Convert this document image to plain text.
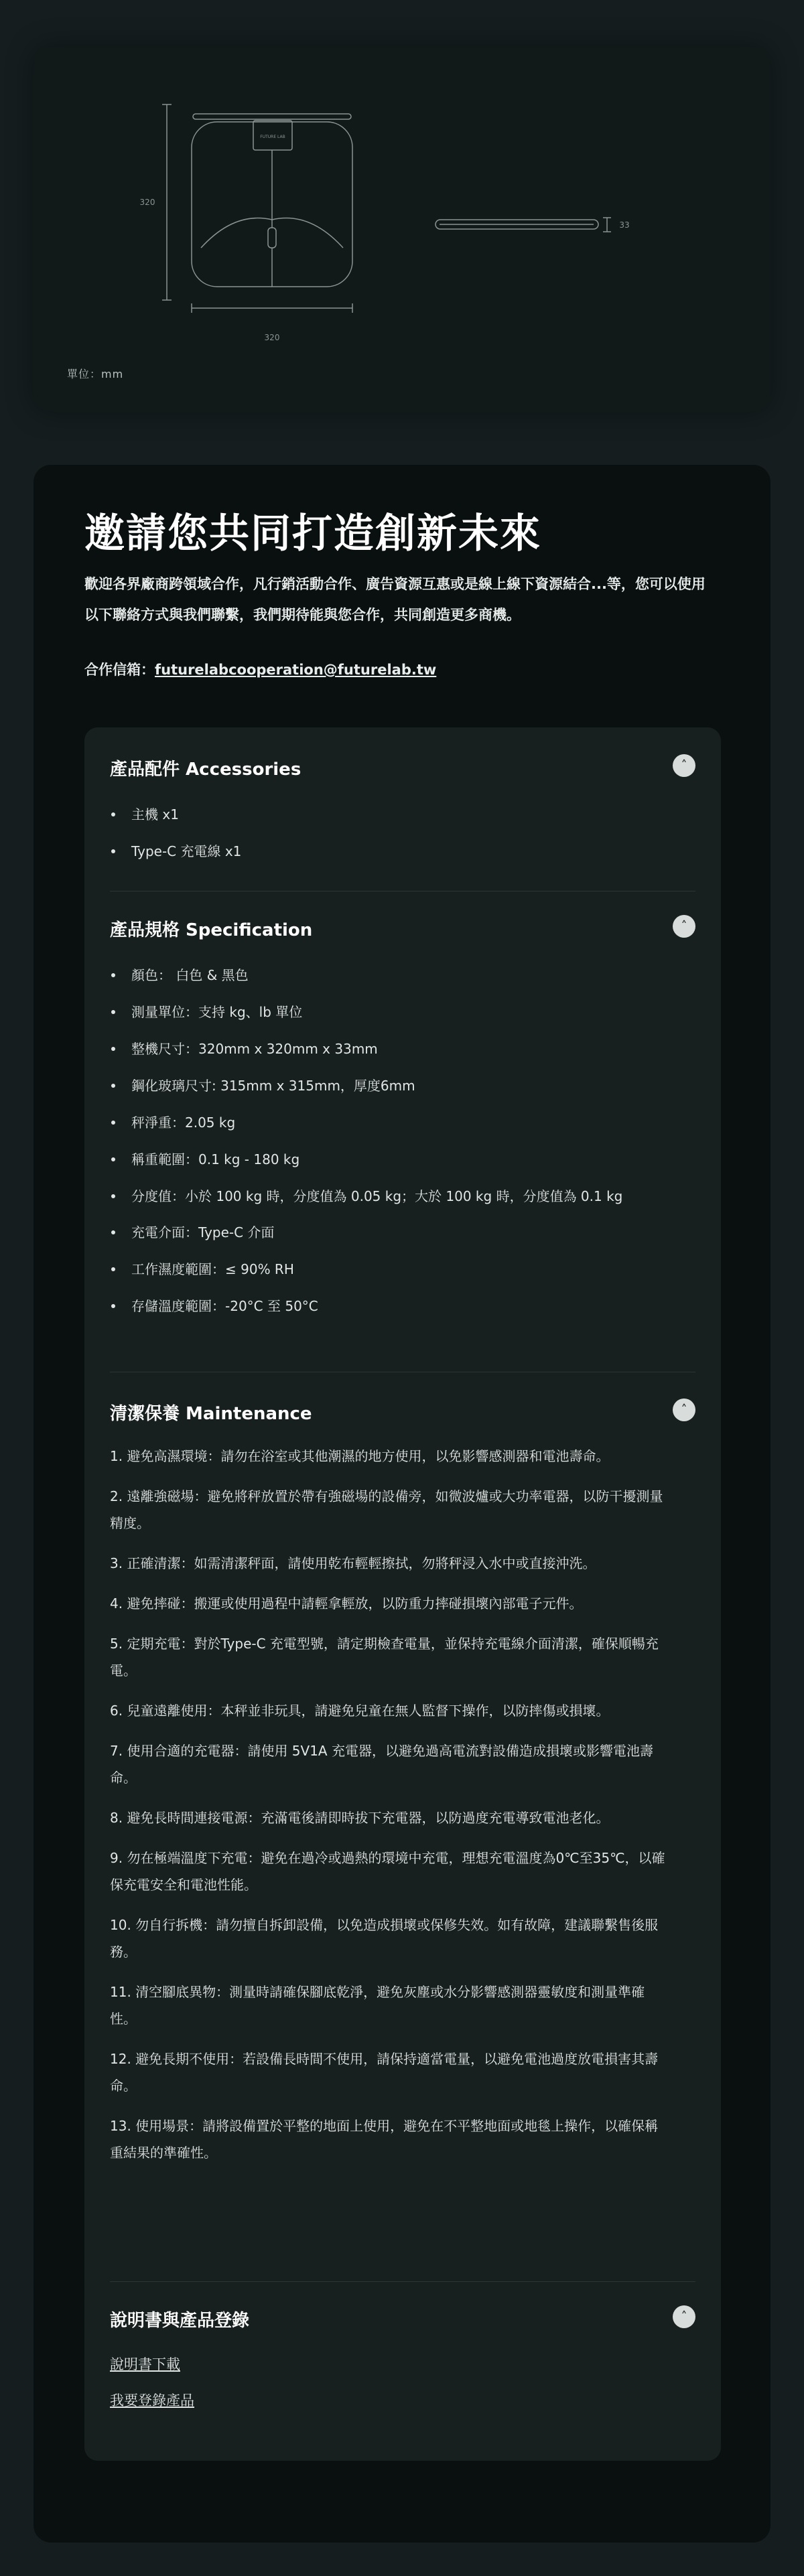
320
320
33
FUTURE LAB
單位：mm
邀請您共同打造創新未來

歡迎各界廠商跨領域合作，凡行銷活動合作、廣告資源互惠或是線上線下資源結合...等，您可以使用以下聯絡方式與我們聯繫，我們期待能與您合作，共同創造更多商機。

合作信箱：futurelabcooperation@futurelab.tw
產品配件 Accessories	˄
主機 x1
Type-C 充電線 x1
產品規格 Specification	˄
顏色： 白色 & 黑色
測量單位：支持 kg、lb 單位
整機尺寸：320mm x 320mm x 33mm
鋼化玻璃尺寸: 315mm x 315mm，厚度6mm
秤淨重：2.05 kg
稱重範圍：0.1 kg - 180 kg
分度值：小於 100 kg 時，分度值為 0.05 kg；大於 100 kg 時，分度值為 0.1 kg
充電介面：Type-C 介面
工作濕度範圍：≤ 90% RH
存儲溫度範圍：-20°C 至 50°C
清潔保養 Maintenance	˄
1. 避免高濕環境：請勿在浴室或其他潮濕的地方使用，以免影響感測器和電池壽命。
2. 遠離強磁場：避免將秤放置於帶有強磁場的設備旁，如微波爐或大功率電器，以防干擾測量精度。
3. 正確清潔：如需清潔秤面，請使用乾布輕輕擦拭，勿將秤浸入水中或直接沖洗。
4. 避免摔碰：搬運或使用過程中請輕拿輕放，以防重力摔碰損壞內部電子元件。
5. 定期充電：對於Type-C 充電型號，請定期檢查電量，並保持充電線介面清潔，確保順暢充電。
6. 兒童遠離使用：本秤並非玩具，請避免兒童在無人監督下操作，以防摔傷或損壞。
7. 使用合適的充電器：請使用 5V1A 充電器，以避免過高電流對設備造成損壞或影響電池壽命。
8. 避免長時間連接電源：充滿電後請即時拔下充電器，以防過度充電導致電池老化。
9. 勿在極端溫度下充電：避免在過冷或過熱的環境中充電，理想充電溫度為0℃至35℃，以確保充電安全和電池性能。
10. 勿自行拆機：請勿擅自拆卸設備，以免造成損壞或保修失效。如有故障，建議聯繫售後服務。
11. 清空腳底異物：測量時請確保腳底乾淨，避免灰塵或水分影響感測器靈敏度和測量準確性。
12. 避免長期不使用：若設備長時間不使用，請保持適當電量，以避免電池過度放電損害其壽命。
13. 使用場景：請將設備置於平整的地面上使用，避免在不平整地面或地毯上操作，以確保稱重結果的準確性。
說明書與產品登錄	˄
說明書下載
我要登錄產品
